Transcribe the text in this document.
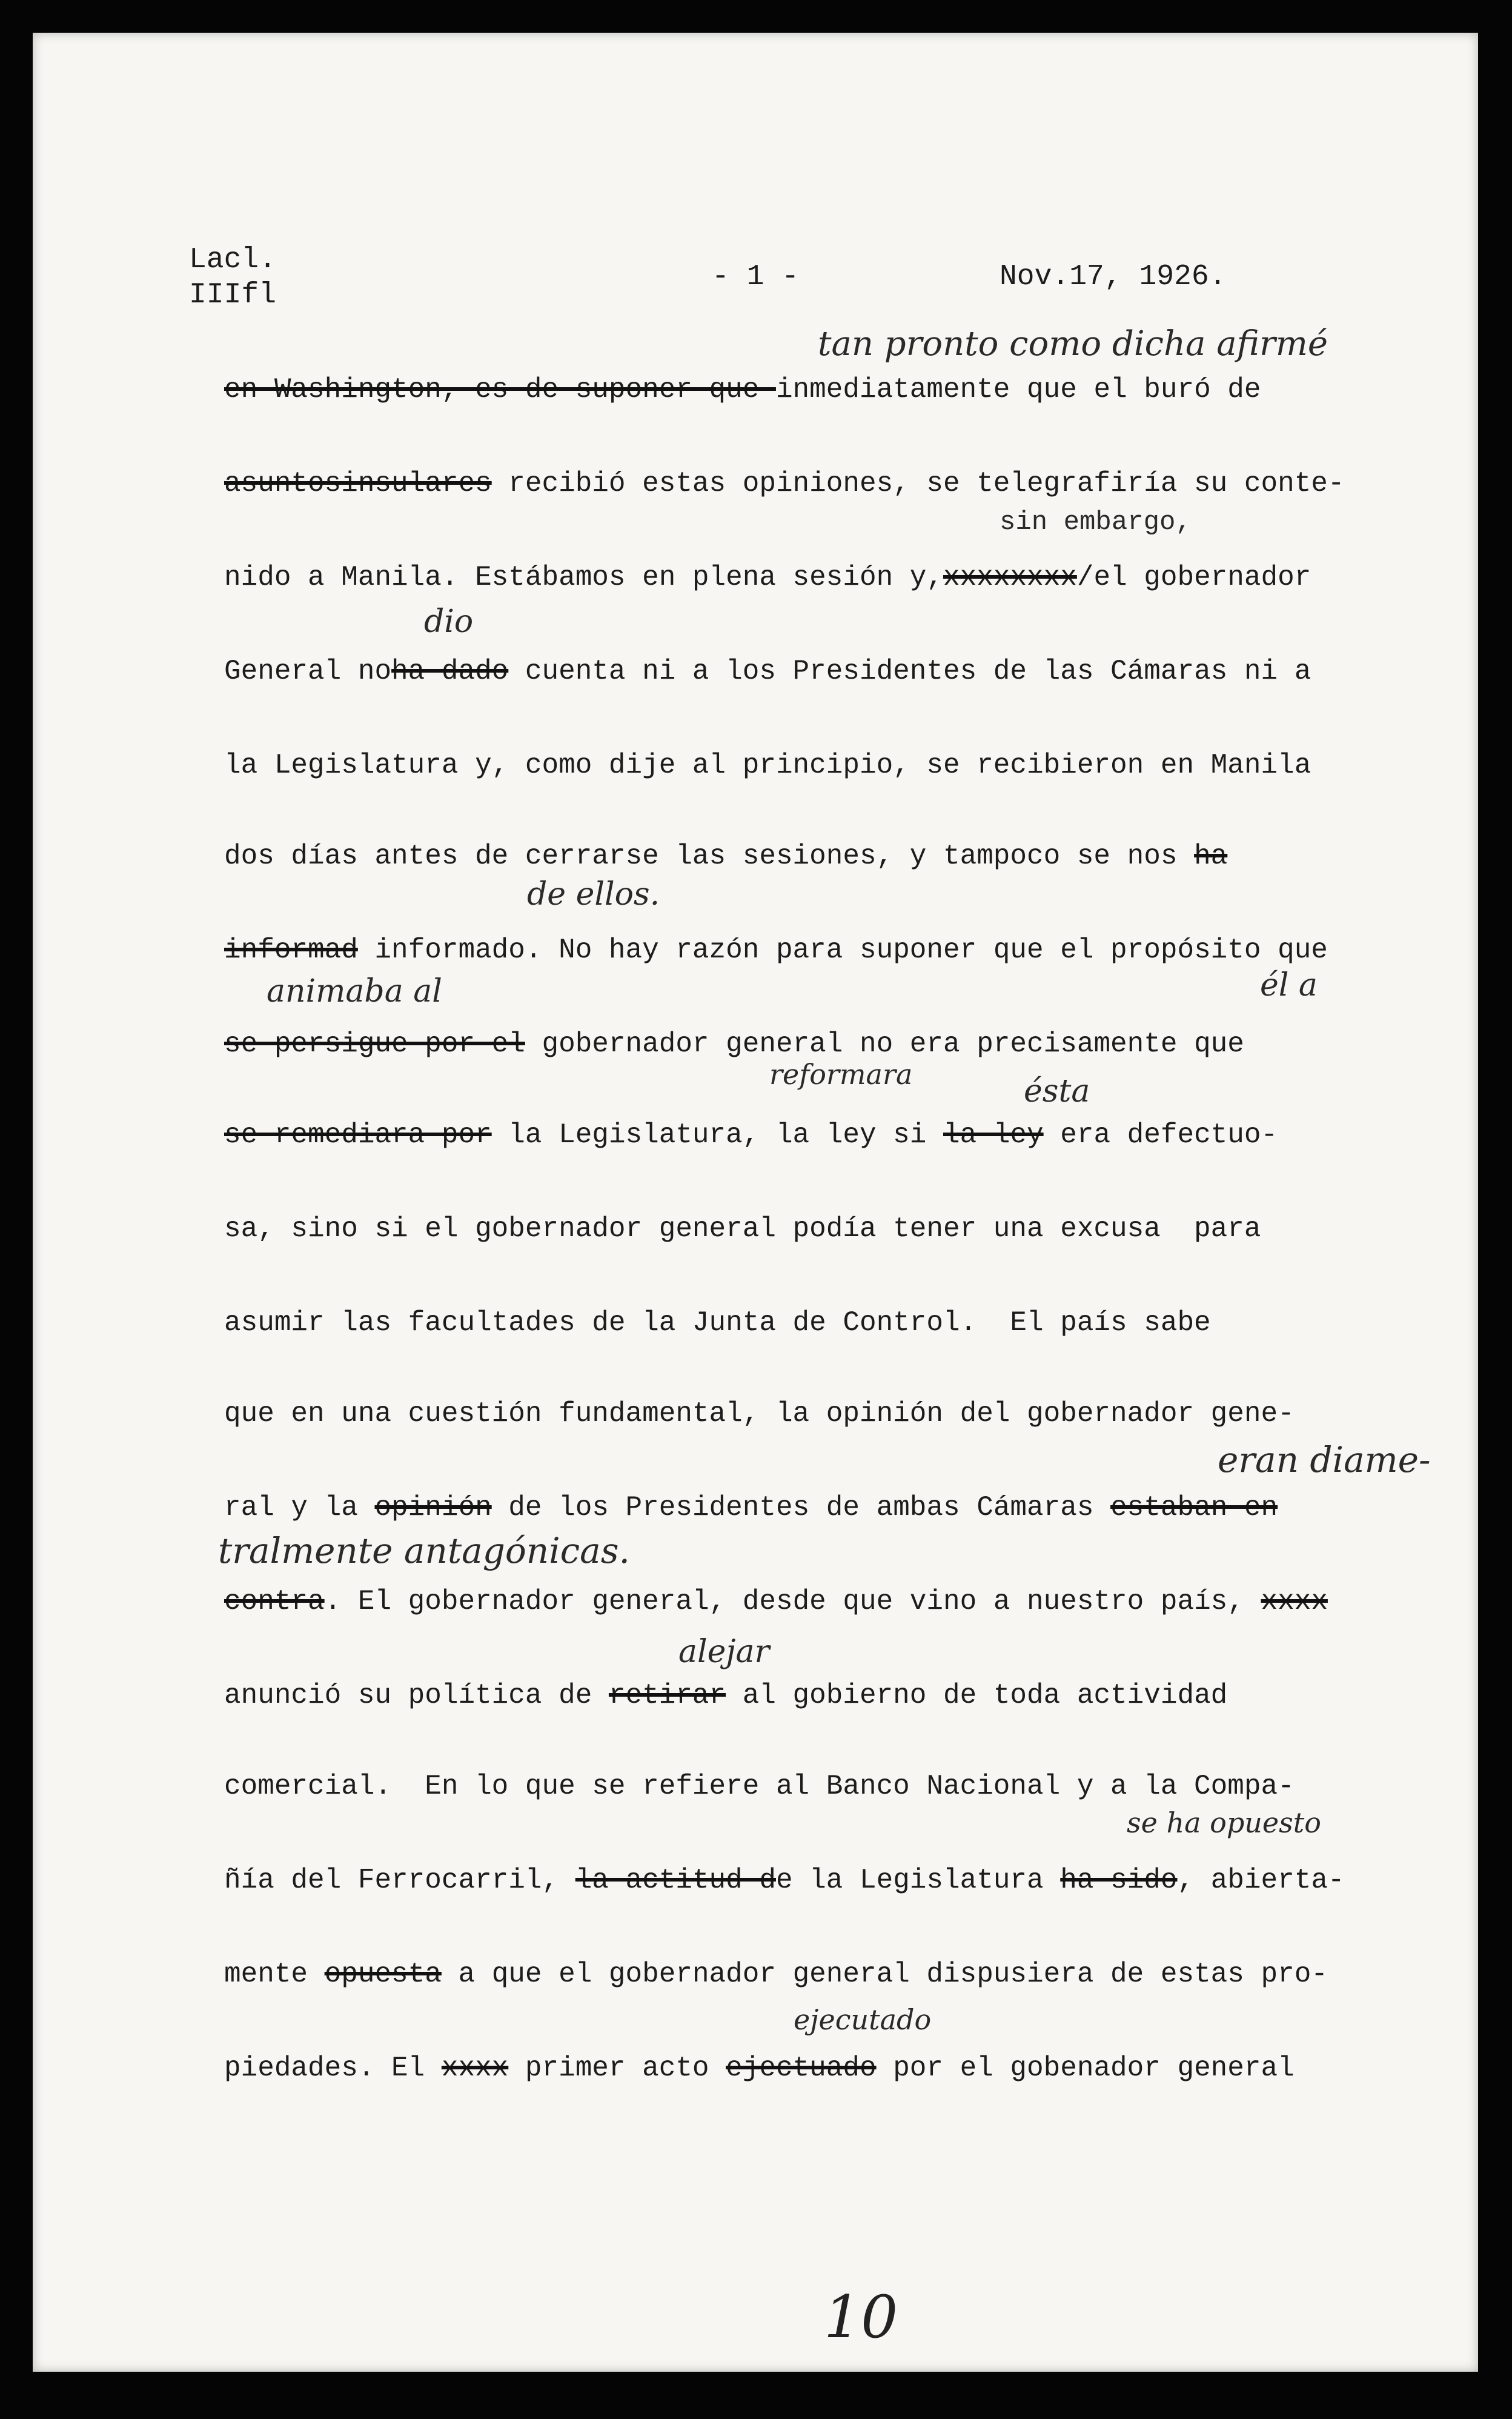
Lacl.
IIIfl
- 1 -	Nov.17, 1926.
tan pronto como dicha afirmé
sin embargo,
dio
de ellos.
animaba al	él a
reformara	ésta
eran diame-
tralmente antagónicas.
alejar
se ha opuesto
ejecutado
en Washington, es de suponer que inmediatamente que el buró de
asuntosinsulares recibió estas opiniones, se telegrafiría su conte-
nido a Manila. Estábamos en plena sesión y,xxxxxxxx/el gobernador
General noha dado cuenta ni a los Presidentes de las Cámaras ni a
la Legislatura y, como dije al principio, se recibieron en Manila
dos días antes de cerrarse las sesiones, y tampoco se nos ha
informad informado. No hay razón para suponer que el propósito que
se persigue por el gobernador general no era precisamente que
se remediara por la Legislatura, la ley si la ley era defectuo-
sa, sino si el gobernador general podía tener una excusa  para
asumir las facultades de la Junta de Control.  El país sabe
que en una cuestión fundamental, la opinión del gobernador gene-
ral y la opinión de los Presidentes de ambas Cámaras estaban en
contra. El gobernador general, desde que vino a nuestro país, xxxx
anunció su política de retirar al gobierno de toda actividad
comercial.  En lo que se refiere al Banco Nacional y a la Compa-
ñía del Ferrocarril, la actitud de la Legislatura ha sido, abierta-
mente opuesta a que el gobernador general dispusiera de estas pro-
piedades. El xxxx primer acto ejectuado por el gobenador general
10
